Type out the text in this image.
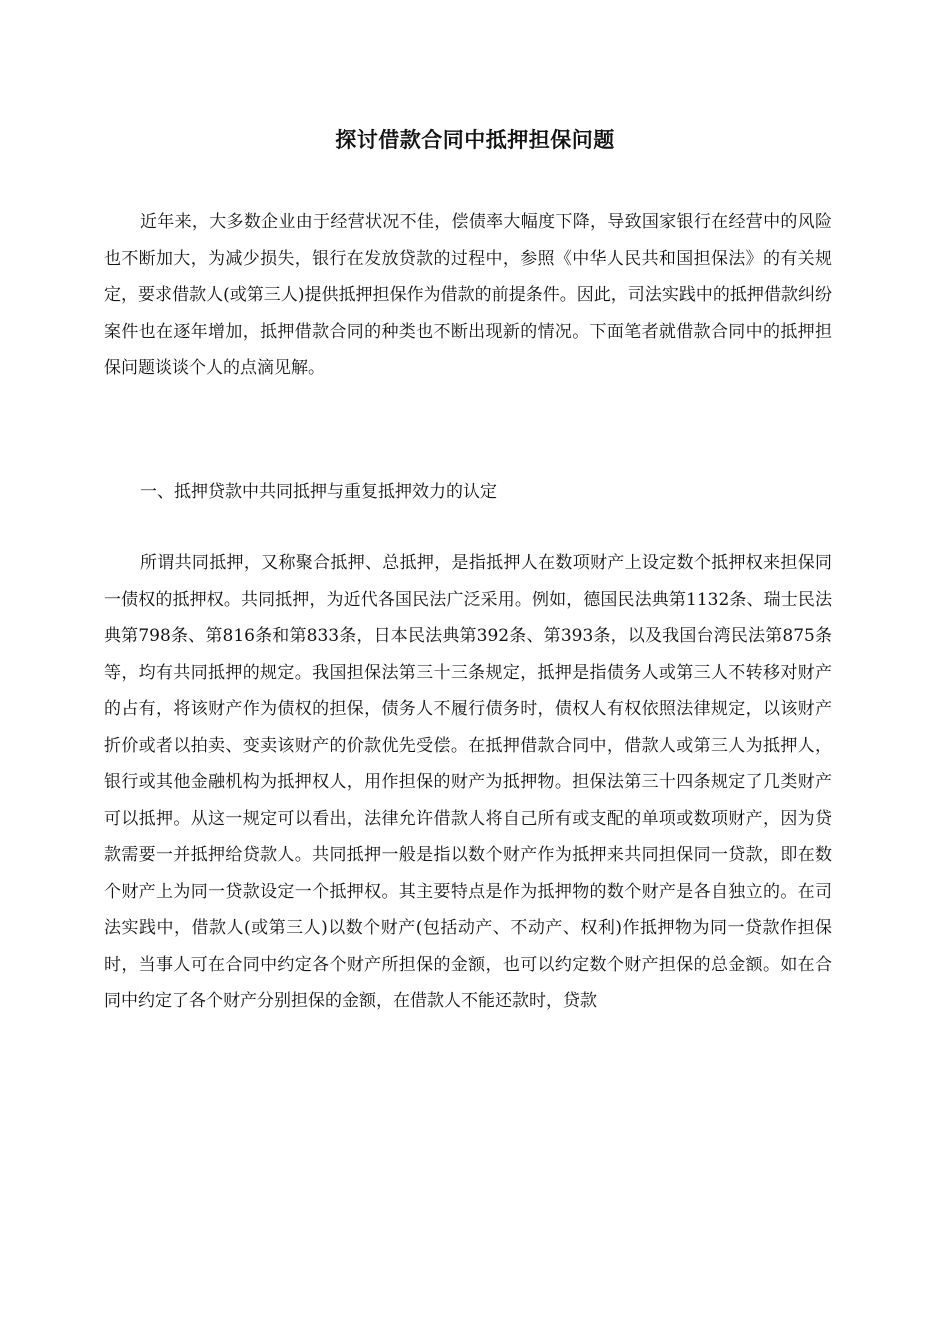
探讨借款合同中抵押担保问题

近年来，大多数企业由于经营状况不佳，偿债率大幅度下降，导致国家银行在经营中的风险也不断加大，为减少损失，银行在发放贷款的过程中，参照《中华人民共和国担保法》的有关规定，要求借款人(或第三人)提供抵押担保作为借款的前提条件。因此，司法实践中的抵押借款纠纷案件也在逐年增加，抵押借款合同的种类也不断出现新的情况。下面笔者就借款合同中的抵押担保问题谈谈个人的点滴见解。

一、抵押贷款中共同抵押与重复抵押效力的认定

所谓共同抵押，又称聚合抵押、总抵押，是指抵押人在数项财产上设定数个抵押权来担保同一债权的抵押权。共同抵押，为近代各国民法广泛采用。例如，德国民法典第1132条、瑞士民法典第798条、第816条和第833条，日本民法典第392条、第393条，以及我国台湾民法第875条等，均有共同抵押的规定。我国担保法第三十三条规定，抵押是指债务人或第三人不转移对财产的占有，将该财产作为债权的担保，债务人不履行债务时，债权人有权依照法律规定，以该财产折价或者以拍卖、变卖该财产的价款优先受偿。在抵押借款合同中，借款人或第三人为抵押人，银行或其他金融机构为抵押权人，用作担保的财产为抵押物。担保法第三十四条规定了几类财产可以抵押。从这一规定可以看出，法律允许借款人将自己所有或支配的单项或数项财产，因为贷款需要一并抵押给贷款人。共同抵押一般是指以数个财产作为抵押来共同担保同一贷款，即在数个财产上为同一贷款设定一个抵押权。其主要特点是作为抵押物的数个财产是各自独立的。在司法实践中，借款人(或第三人)以数个财产(包括动产、不动产、权利)作抵押物为同一贷款作担保时，当事人可在合同中约定各个财产所担保的金额，也可以约定数个财产担保的总金额。如在合同中约定了各个财产分别担保的金额，在借款人不能还款时，贷款
